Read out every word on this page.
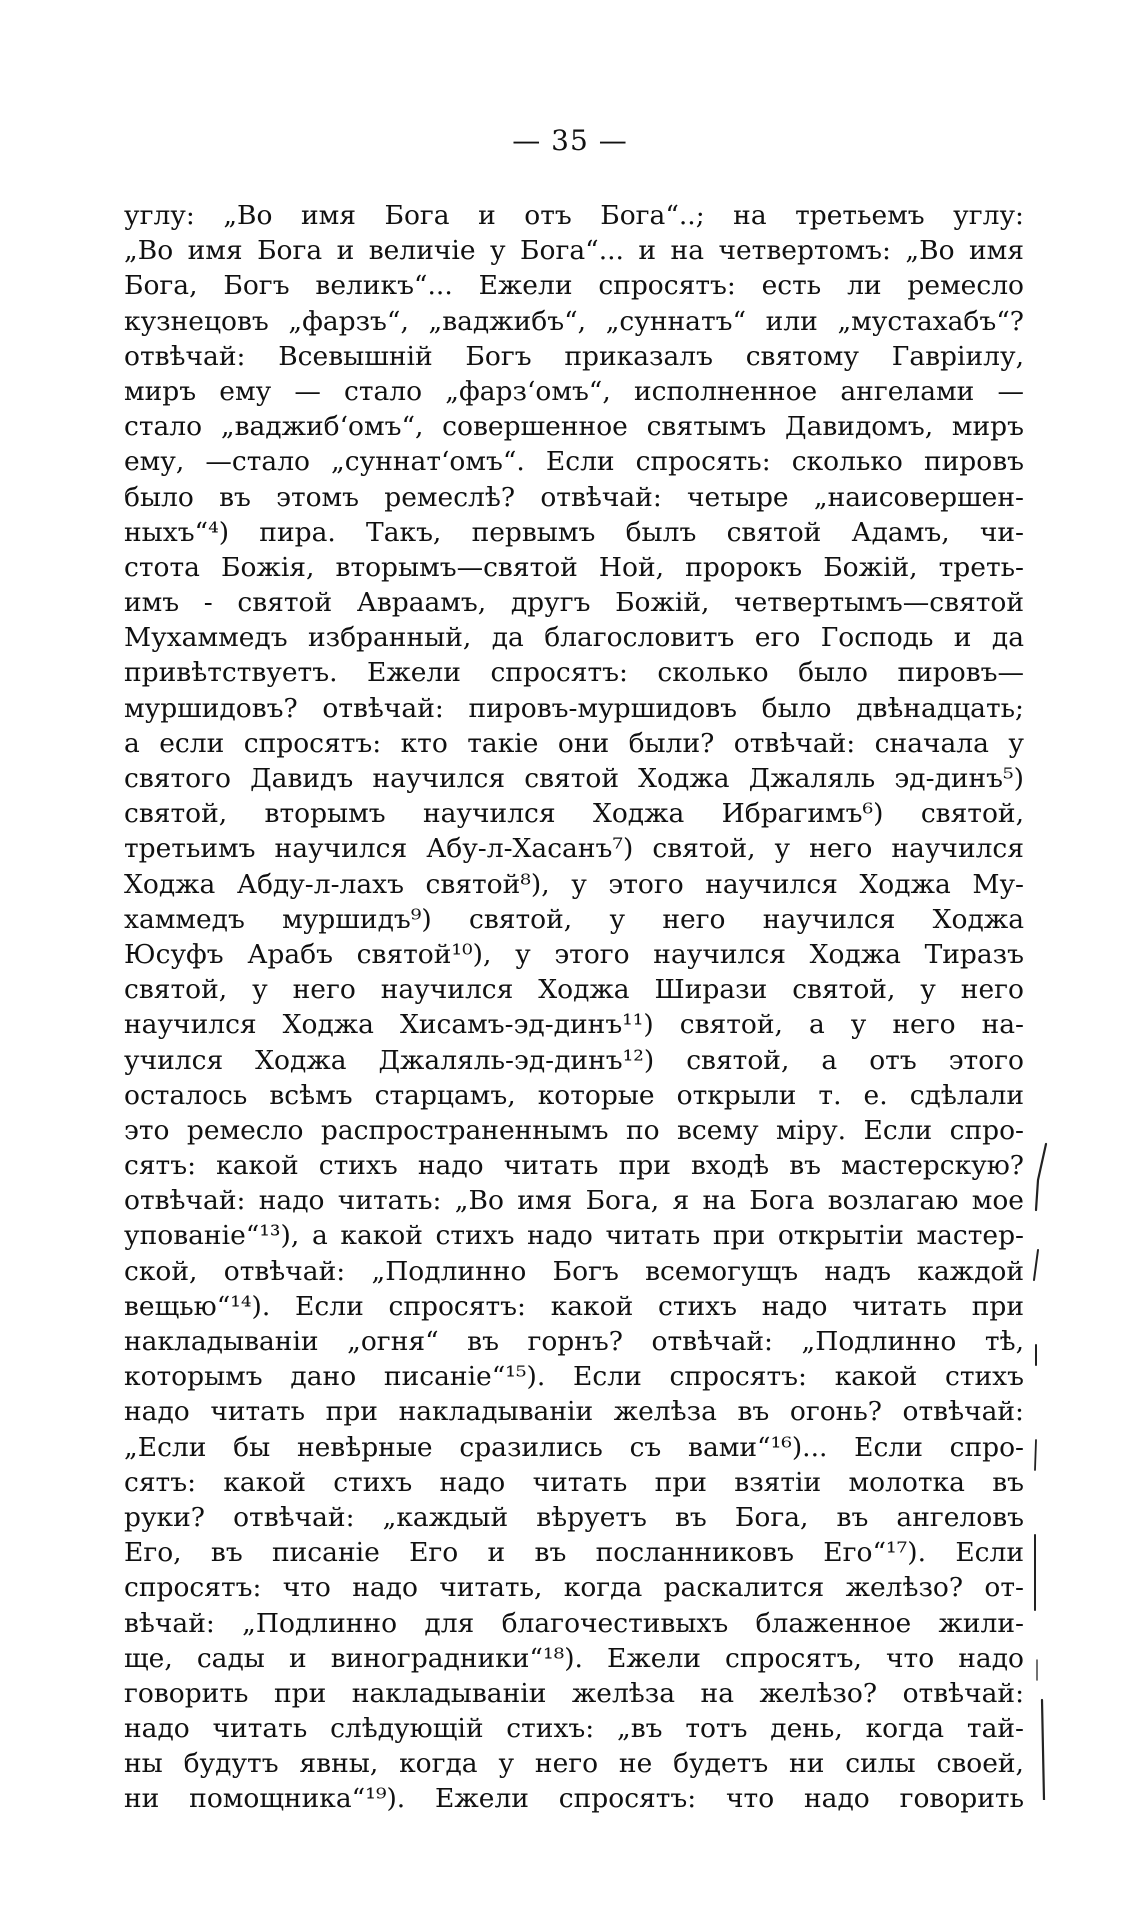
— 35 —
углу: „Во имя Бога и отъ Бога“..; на третьемъ углу:
„Во имя Бога и величіе у Бога“... и на четвертомъ: „Во имя
Бога, Богъ великъ“... Ежели спросятъ: есть ли ремесло
кузнецовъ „фарзъ“, „ваджибъ“, „суннатъ“ или „мустахабъ“?
отвѣчай: Всевышній Богъ приказалъ святому Гавріилу,
миръ ему — стало „фарз‘омъ“, исполненное ангелами —
стало „ваджиб‘омъ“, совершенное святымъ Давидомъ, миръ
ему, —стало „суннат‘омъ“. Если спросять: сколько пировъ
было въ этомъ ремеслѣ? отвѣчай: четыре „наисовершен-
ныхъ“⁴) пира. Такъ, первымъ былъ святой Адамъ, чи-
стота Божія, вторымъ—святой Ной, пророкъ Божій, треть-
имъ - святой Авраамъ, другъ Божій, четвертымъ—святой
Мухаммедъ избранный, да благословитъ его Господь и да
привѣтствуетъ. Ежели спросятъ: сколько было пировъ—
муршидовъ? отвѣчай: пировъ-муршидовъ было двѣнадцать;
а если спросятъ: кто такіе они были? отвѣчай: сначала у
святого Давидъ научился святой Ходжа Джаляль эд-динъ⁵)
святой, вторымъ научился Ходжа Ибрагимъ⁶) святой,
третьимъ научился Абу-л-Хасанъ⁷) святой, у него научился
Ходжа Абду-л-лахъ святой⁸), у этого научился Ходжа Му-
хаммедъ муршидъ⁹) святой, у него научился Ходжа
Юсуфъ Арабъ святой¹⁰), у этого научился Ходжа Тиразъ
святой, у него научился Ходжа Ширази святой, у него
научился Ходжа Хисамъ-эд-динъ¹¹) святой, а у него на-
учился Ходжа Джаляль-эд-динъ¹²) святой, а отъ этого
осталось всѣмъ старцамъ, которые открыли т. е. сдѣлали
это ремесло распространеннымъ по всему міру. Если спро-
сятъ: какой стихъ надо читать при входѣ въ мастерскую?
отвѣчай: надо читать: „Во имя Бога, я на Бога возлагаю мое
упованіе“¹³), а какой стихъ надо читать при открытіи мастер-
ской, отвѣчай: „Подлинно Богъ всемогущъ надъ каждой
вещью“¹⁴). Если спросятъ: какой стихъ надо читать при
накладываніи „огня“ въ горнъ? отвѣчай: „Подлинно тѣ,
которымъ дано писаніе“¹⁵). Если спросятъ: какой стихъ
надо читать при накладываніи желѣза въ огонь? отвѣчай:
„Если бы невѣрные сразились съ вами“¹⁶)... Если спро-
сятъ: какой стихъ надо читать при взятіи молотка въ
руки? отвѣчай: „каждый вѣруетъ въ Бога, въ ангеловъ
Его, въ писаніе Его и въ посланниковъ Его“¹⁷). Если
спросятъ: что надо читать, когда раскалится желѣзо? от-
вѣчай: „Подлинно для благочестивыхъ блаженное жили-
ще, сады и виноградники“¹⁸). Ежели спросятъ, что надо
говорить при накладываніи желѣза на желѣзо? отвѣчай:
надо читать слѣдующій стихъ: „въ тотъ день, когда тай-
ны будутъ явны, когда у него не будетъ ни силы своей,
ни помощника“¹⁹). Ежели спросятъ: что надо говорить
